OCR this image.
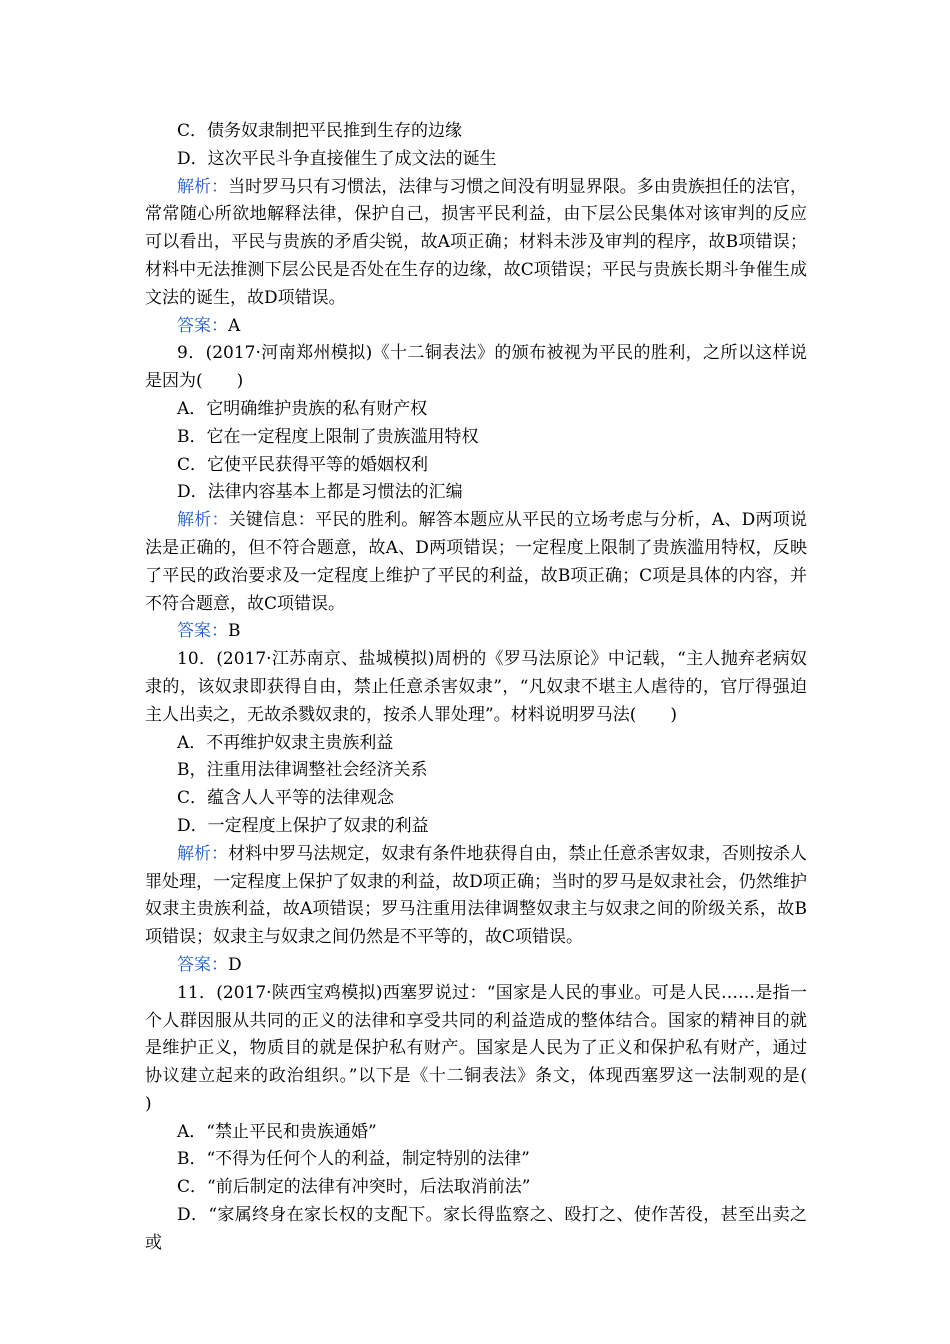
C．债务奴隶制把平民推到生存的边缘

D．这次平民斗争直接催生了成文法的诞生

解析：当时罗马只有习惯法，法律与习惯之间没有明显界限。多由贵族担任的法官，常常随心所欲地解释法律，保护自己，损害平民利益，由下层公民集体对该审判的反应可以看出，平民与贵族的矛盾尖锐，故A项正确；材料未涉及审判的程序，故B项错误；材料中无法推测下层公民是否处在生存的边缘，故C项错误；平民与贵族长期斗争催生成文法的诞生，故D项错误。

答案：A

9．(2017·河南郑州模拟)《十二铜表法》的颁布被视为平民的胜利，之所以这样说是因为(　　)

A．它明确维护贵族的私有财产权

B．它在一定程度上限制了贵族滥用特权

C．它使平民获得平等的婚姻权利

D．法律内容基本上都是习惯法的汇编

解析：关键信息：平民的胜利。解答本题应从平民的立场考虑与分析，A、D两项说法是正确的，但不符合题意，故A、D两项错误；一定程度上限制了贵族滥用特权，反映了平民的政治要求及一定程度上维护了平民的利益，故B项正确；C项是具体的内容，并不符合题意，故C项错误。

答案：B

10．(2017·江苏南京、盐城模拟)周枬的《罗马法原论》中记载，“主人抛弃老病奴隶的，该奴隶即获得自由，禁止任意杀害奴隶”，“凡奴隶不堪主人虐待的，官厅得强迫主人出卖之，无故杀戮奴隶的，按杀人罪处理”。材料说明罗马法(　　)

A．不再维护奴隶主贵族利益

B，注重用法律调整社会经济关系

C．蕴含人人平等的法律观念

D．一定程度上保护了奴隶的利益

解析：材料中罗马法规定，奴隶有条件地获得自由，禁止任意杀害奴隶，否则按杀人罪处理，一定程度上保护了奴隶的利益，故D项正确；当时的罗马是奴隶社会，仍然维护奴隶主贵族利益，故A项错误；罗马注重用法律调整奴隶主与奴隶之间的阶级关系，故B项错误；奴隶主与奴隶之间仍然是不平等的，故C项错误。

答案：D

11．(2017·陕西宝鸡模拟)西塞罗说过：“国家是人民的事业。可是人民……是指一个人群因服从共同的正义的法律和享受共同的利益造成的整体结合。国家的精神目的就是维护正义，物质目的就是保护私有财产。国家是人民为了正义和保护私有财产，通过协议建立起来的政治组织。”以下是《十二铜表法》条文，体现西塞罗这一法制观的是(　　)

A．“禁止平民和贵族通婚”

B．“不得为任何个人的利益，制定特别的法律”

C．“前后制定的法律有冲突时，后法取消前法”

D．“家属终身在家长权的支配下。家长得监察之、殴打之、使作苦役，甚至出卖之或
